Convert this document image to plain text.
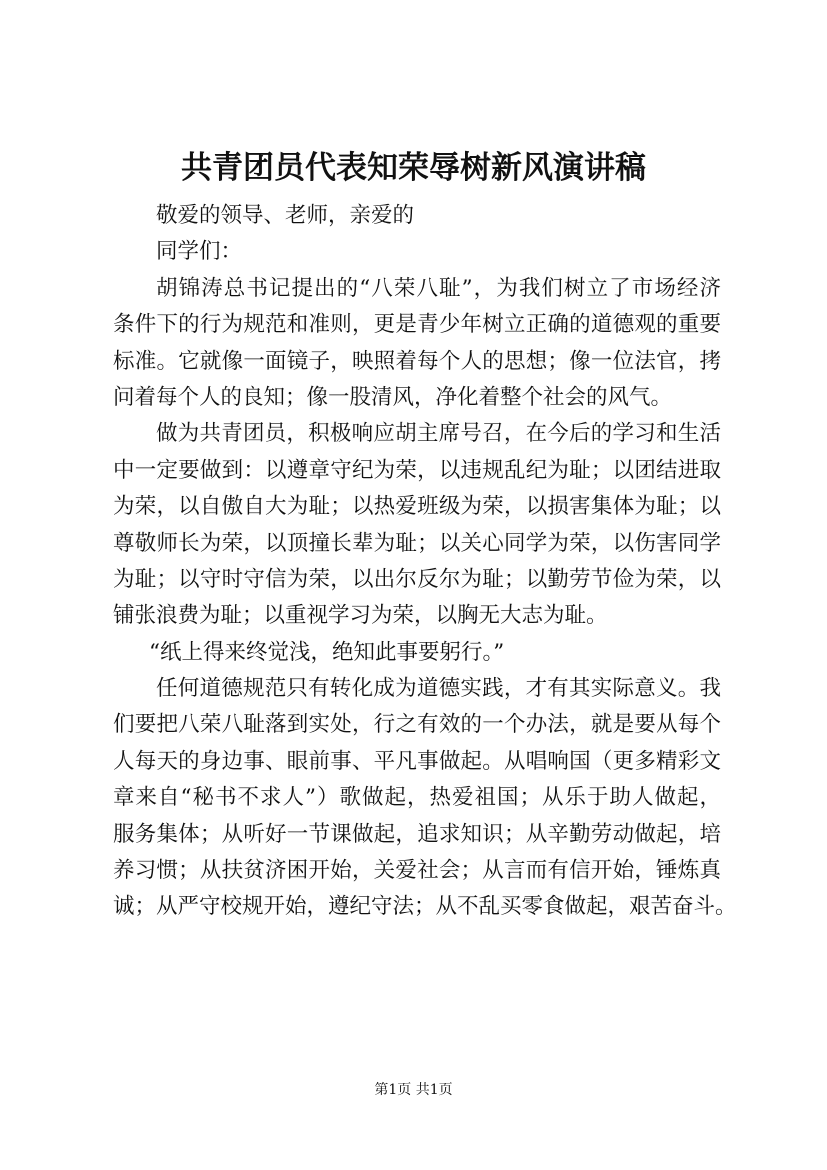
共青团员代表知荣辱树新风演讲稿
敬爱的领导、老师，亲爱的
同学们：
胡锦涛总书记提出的“八荣八耻”，为我们树立了市场经济
条件下的行为规范和准则，更是青少年树立正确的道德观的重要
标准。它就像一面镜子，映照着每个人的思想；像一位法官，拷
问着每个人的良知；像一股清风，净化着整个社会的风气。
做为共青团员，积极响应胡主席号召，在今后的学习和生活
中一定要做到：以遵章守纪为荣，以违规乱纪为耻；以团结进取
为荣，以自傲自大为耻；以热爱班级为荣，以损害集体为耻；以
尊敬师长为荣，以顶撞长辈为耻；以关心同学为荣，以伤害同学
为耻；以守时守信为荣，以出尔反尔为耻；以勤劳节俭为荣，以
铺张浪费为耻；以重视学习为荣，以胸无大志为耻。
“纸上得来终觉浅，绝知此事要躬行。”
任何道德规范只有转化成为道德实践，才有其实际意义。我
们要把八荣八耻落到实处，行之有效的一个办法，就是要从每个
人每天的身边事、眼前事、平凡事做起。从唱响国（更多精彩文
章来自“秘书不求人”）歌做起，热爱祖国；从乐于助人做起，
服务集体；从听好一节课做起，追求知识；从辛勤劳动做起，培
养习惯；从扶贫济困开始，关爱社会；从言而有信开始，锤炼真
诚；从严守校规开始，遵纪守法；从不乱买零食做起，艰苦奋斗。
第1页 共1页
